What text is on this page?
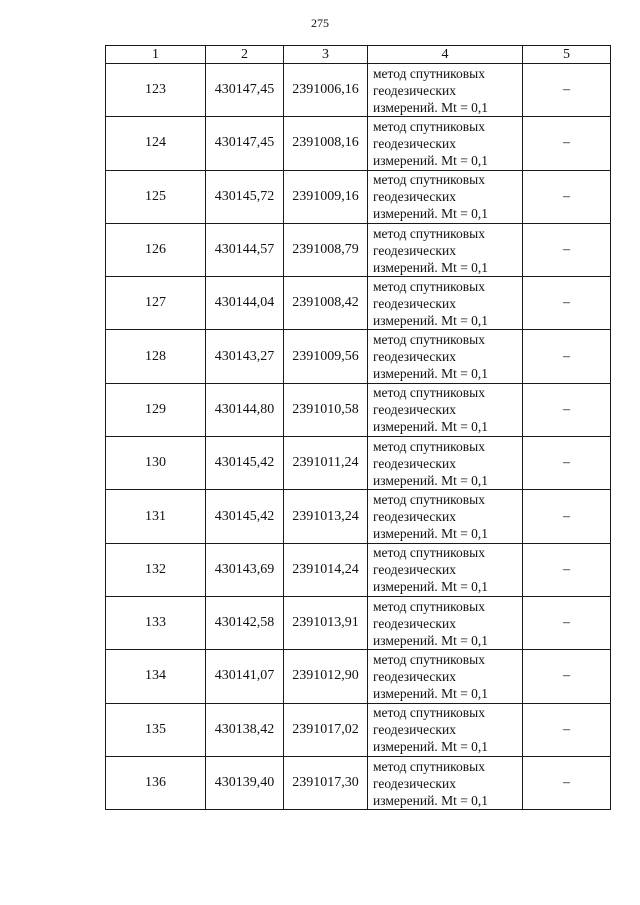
275
1	2	3	4	5
123	430147,45	2391006,16	метод спутниковых
геодезических
измерений. Mt = 0,1	–
124	430147,45	2391008,16	метод спутниковых
геодезических
измерений. Mt = 0,1	–
125	430145,72	2391009,16	метод спутниковых
геодезических
измерений. Mt = 0,1	–
126	430144,57	2391008,79	метод спутниковых
геодезических
измерений. Mt = 0,1	–
127	430144,04	2391008,42	метод спутниковых
геодезических
измерений. Mt = 0,1	–
128	430143,27	2391009,56	метод спутниковых
геодезических
измерений. Mt = 0,1	–
129	430144,80	2391010,58	метод спутниковых
геодезических
измерений. Mt = 0,1	–
130	430145,42	2391011,24	метод спутниковых
геодезических
измерений. Mt = 0,1	–
131	430145,42	2391013,24	метод спутниковых
геодезических
измерений. Mt = 0,1	–
132	430143,69	2391014,24	метод спутниковых
геодезических
измерений. Mt = 0,1	–
133	430142,58	2391013,91	метод спутниковых
геодезических
измерений. Mt = 0,1	–
134	430141,07	2391012,90	метод спутниковых
геодезических
измерений. Mt = 0,1	–
135	430138,42	2391017,02	метод спутниковых
геодезических
измерений. Mt = 0,1	–
136	430139,40	2391017,30	метод спутниковых
геодезических
измерений. Mt = 0,1	–
